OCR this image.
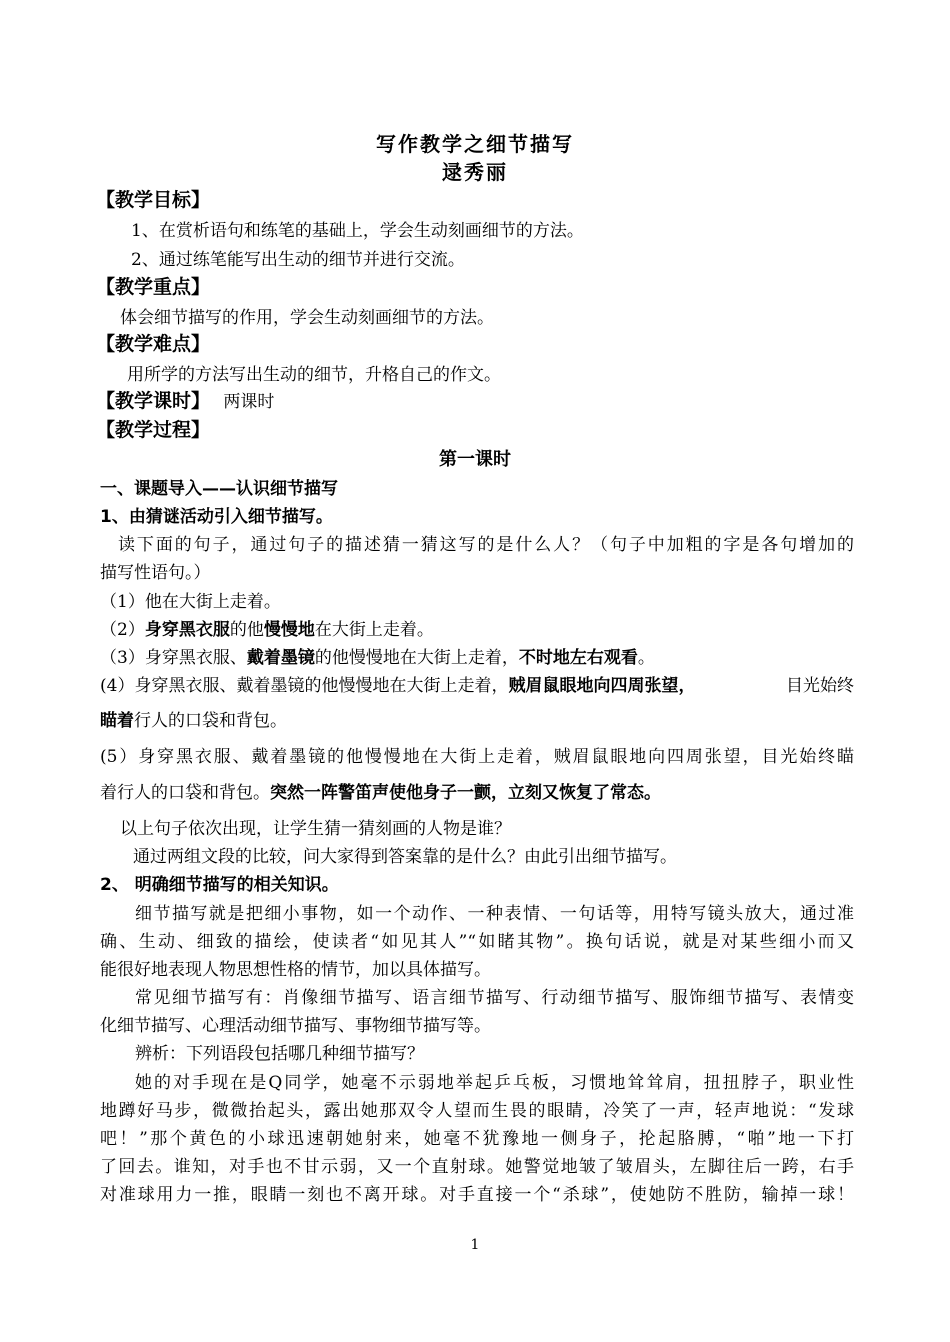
写作教学之细节描写
逯秀丽
【教学目标】
1、在赏析语句和练笔的基础上，学会生动刻画细节的方法。
2、通过练笔能写出生动的细节并进行交流。
【教学重点】
体会细节描写的作用，学会生动刻画细节的方法。
【教学难点】
用所学的方法写出生动的细节，升格自己的作文。
【教学课时】 两课时
【教学过程】
第一课时
一、课题导入——认识细节描写
1、由猜谜活动引入细节描写。
读下面的句子，通过句子的描述猜一猜这写的是什么人？（句子中加粗的字是各句增加的
描写性语句。）
（1）他在大街上走着。
（2）身穿黑衣服的他慢慢地在大街上走着。
（3）身穿黑衣服、戴着墨镜的他慢慢地在大街上走着，不时地左右观看。
(4）身穿黑衣服、戴着墨镜的他慢慢地在大街上走着，贼眉鼠眼地向四周张望，	目光始终
瞄着行人的口袋和背包。
(5）身穿黑衣服、戴着墨镜的他慢慢地在大街上走着，贼眉鼠眼地向四周张望，目光始终瞄
着行人的口袋和背包。突然一阵警笛声使他身子一颤，立刻又恢复了常态。
以上句子依次出现，让学生猜一猜刻画的人物是谁？
通过两组文段的比较，问大家得到答案靠的是什么？由此引出细节描写。
2、 明确细节描写的相关知识。
细节描写就是把细小事物，如一个动作、一种表情、一句话等，用特写镜头放大，通过准
确、生动、细致的描绘，使读者“如见其人”“如睹其物”。换句话说，就是对某些细小而又
能很好地表现人物思想性格的情节，加以具体描写。
常见细节描写有：肖像细节描写、语言细节描写、行动细节描写、服饰细节描写、表情变
化细节描写、心理活动细节描写、事物细节描写等。
辨析：下列语段包括哪几种细节描写？
她的对手现在是Q同学，她毫不示弱地举起乒乓板，习惯地耸耸肩，扭扭脖子，职业性
地蹲好马步，微微抬起头，露出她那双令人望而生畏的眼睛，冷笑了一声，轻声地说：“发球
吧！”那个黄色的小球迅速朝她射来，她毫不犹豫地一侧身子，抡起胳膊，“啪”地一下打
了回去。谁知，对手也不甘示弱，又一个直射球。她警觉地皱了皱眉头，左脚往后一跨，右手
对准球用力一推，眼睛一刻也不离开球。对手直接一个“杀球”，使她防不胜防，输掉一球！
1
